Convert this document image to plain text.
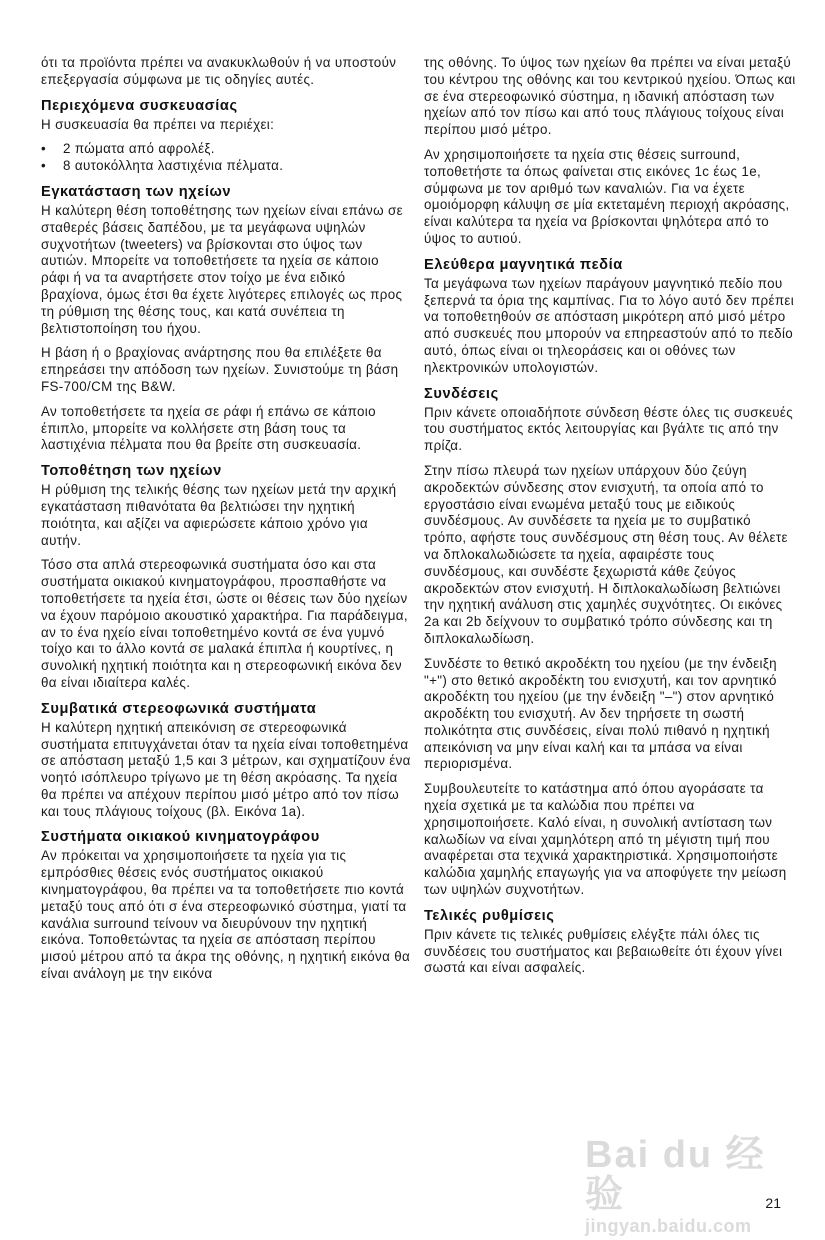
ότι τα προϊόντα πρέπει να ανακυκλωθούν ή να υποστούν επεξεργασία σύμφωνα με τις οδηγίες αυτές.

Περιεχόμενα συσκευασίας

Η συσκευασία θα πρέπει να περιέχει:

• 2 πώματα από αφρολέξ.
• 8 αυτοκόλλητα λαστιχένια πέλματα.
Εγκατάσταση των ηχείων

Η καλύτερη θέση τοποθέτησης των ηχείων είναι επάνω σε σταθερές βάσεις δαπέδου, με τα μεγάφωνα υψηλών συχνοτήτων (tweeters) να βρίσκονται στο ύψος των αυτιών. Μπορείτε να τοποθετήσετε τα ηχεία σε κάποιο ράφι ή να τα αναρτήσετε στον τοίχο με ένα ειδικό βραχίονα, όμως έτσι θα έχετε λιγότερες επιλογές ως προς τη ρύθμιση της θέσης τους, και κατά συνέπεια τη βελτιστοποίηση του ήχου.

Η βάση ή ο βραχίονας ανάρτησης που θα επιλέξετε θα επηρεάσει την απόδοση των ηχείων. Συνιστούμε τη βάση FS-700/CM της B&W.

Αν τοποθετήσετε τα ηχεία σε ράφι ή επάνω σε κάποιο έπιπλο, μπορείτε να κολλήσετε στη βάση τους τα λαστιχένια πέλματα που θα βρείτε στη συσκευασία.

Τοποθέτηση των ηχείων

Η ρύθμιση της τελικής θέσης των ηχείων μετά την αρχική εγκατάσταση πιθανότατα θα βελτιώσει την ηχητική ποιότητα, και αξίζει να αφιερώσετε κάποιο χρόνο για αυτήν.

Τόσο στα απλά στερεοφωνικά συστήματα όσο και στα συστήματα οικιακού κινηματογράφου, προσπαθήστε να τοποθετήσετε τα ηχεία έτσι, ώστε οι θέσεις των δύο ηχείων να έχουν παρόμοιο ακουστικό χαρακτήρα. Για παράδειγμα, αν το ένα ηχείο είναι τοποθετημένο κοντά σε ένα γυμνό τοίχο και το άλλο κοντά σε μαλακά έπιπλα ή κουρτίνες, η συνολική ηχητική ποιότητα και η στερεοφωνική εικόνα δεν θα είναι ιδιαίτερα καλές.

Συμβατικά στερεοφωνικά συστήματα

Η καλύτερη ηχητική απεικόνιση σε στερεοφωνικά συστήματα επιτυγχάνεται όταν τα ηχεία είναι τοποθετημένα σε απόσταση μεταξύ 1,5 και 3 μέτρων, και σχηματίζουν ένα νοητό ισόπλευρο τρίγωνο με τη θέση ακρόασης. Τα ηχεία θα πρέπει να απέχουν περίπου μισό μέτρο από τον πίσω και τους πλάγιους τοίχους (βλ. Εικόνα 1a).

Συστήματα οικιακού κινηματογράφου

Αν πρόκειται να χρησιμοποιήσετε τα ηχεία για τις εμπρόσθιες θέσεις ενός συστήματος οικιακού κινηματογράφου, θα πρέπει να τα τοποθετήσετε πιο κοντά μεταξύ τους από ότι σ ένα στερεοφωνικό σύστημα, γιατί τα κανάλια surround τείνουν να διευρύνουν την ηχητική εικόνα. Τοποθετώντας τα ηχεία σε απόσταση περίπου μισού μέτρου από τα άκρα της οθόνης, η ηχητική εικόνα θα είναι ανάλογη με την εικόνα

της οθόνης. Το ύψος των ηχείων θα πρέπει να είναι μεταξύ του κέντρου της οθόνης και του κεντρικού ηχείου. Όπως και σε ένα στερεοφωνικό σύστημα, η ιδανική απόσταση των ηχείων από τον πίσω και από τους πλάγιους τοίχους είναι περίπου μισό μέτρο.

Αν χρησιμοποιήσετε τα ηχεία στις θέσεις surround, τοποθετήστε τα όπως φαίνεται στις εικόνες 1c έως 1e, σύμφωνα με τον αριθμό των καναλιών. Για να έχετε ομοιόμορφη κάλυψη σε μία εκτεταμένη περιοχή ακρόασης, είναι καλύτερα τα ηχεία να βρίσκονται ψηλότερα από το ύψος το αυτιού.

Ελεύθερα μαγνητικά πεδία

Τα μεγάφωνα των ηχείων παράγουν μαγνητικό πεδίο που ξεπερνά τα όρια της καμπίνας. Για το λόγο αυτό δεν πρέπει να τοποθετηθούν σε απόσταση μικρότερη από μισό μέτρο από συσκευές που μπορούν να επηρεαστούν από το πεδίο αυτό, όπως είναι οι τηλεοράσεις και οι οθόνες των ηλεκτρονικών υπολογιστών.

Συνδέσεις

Πριν κάνετε οποιαδήποτε σύνδεση θέστε όλες τις συσκευές του συστήματος εκτός λειτουργίας και βγάλτε τις από την πρίζα.

Στην πίσω πλευρά των ηχείων υπάρχουν δύο ζεύγη ακροδεκτών σύνδεσης στον ενισχυτή, τα οποία από το εργοστάσιο είναι ενωμένα μεταξύ τους με ειδικούς συνδέσμους. Αν συνδέσετε τα ηχεία με το συμβατικό τρόπο, αφήστε τους συνδέσμους στη θέση τους. Αν θέλετε να δπλοκαλωδιώσετε τα ηχεία, αφαιρέστε τους συνδέσμους, και συνδέστε ξεχωριστά κάθε ζεύγος ακροδεκτών στον ενισχυτή. Η διπλοκαλωδίωση βελτιώνει την ηχητική ανάλυση στις χαμηλές συχνότητες. Οι εικόνες 2a και 2b δείχνουν το συμβατικό τρόπο σύνδεσης και τη διπλοκαλωδίωση.

Συνδέστε το θετικό ακροδέκτη του ηχείου (με την ένδειξη "+") στο θετικό ακροδέκτη του ενισχυτή, και τον αρνητικό ακροδέκτη του ηχείου (με την ένδειξη "–") στον αρνητικό ακροδέκτη του ενισχυτή. Αν δεν τηρήσετε τη σωστή πολικότητα στις συνδέσεις, είναι πολύ πιθανό η ηχητική απεικόνιση να μην είναι καλή και τα μπάσα να είναι περιορισμένα.

Συμβουλευτείτε το κατάστημα από όπου αγοράσατε τα ηχεία σχετικά με τα καλώδια που πρέπει να χρησιμοποιήσετε. Καλό είναι, η συνολική αντίσταση των καλωδίων να είναι χαμηλότερη από τη μέγιστη τιμή που αναφέρεται στα τεχνικά χαρακτηριστικά. Χρησιμοποιήστε καλώδια χαμηλής επαγωγής για να αποφύγετε την μείωση των υψηλών συχνοτήτων.

Τελικές ρυθμίσεις

Πριν κάνετε τις τελικές ρυθμίσεις ελέγξτε πάλι όλες τις συνδέσεις του συστήματος και βεβαιωθείτε ότι έχουν γίνει σωστά και είναι ασφαλείς.

Bai du 经验
jingyan.baidu.com
21
